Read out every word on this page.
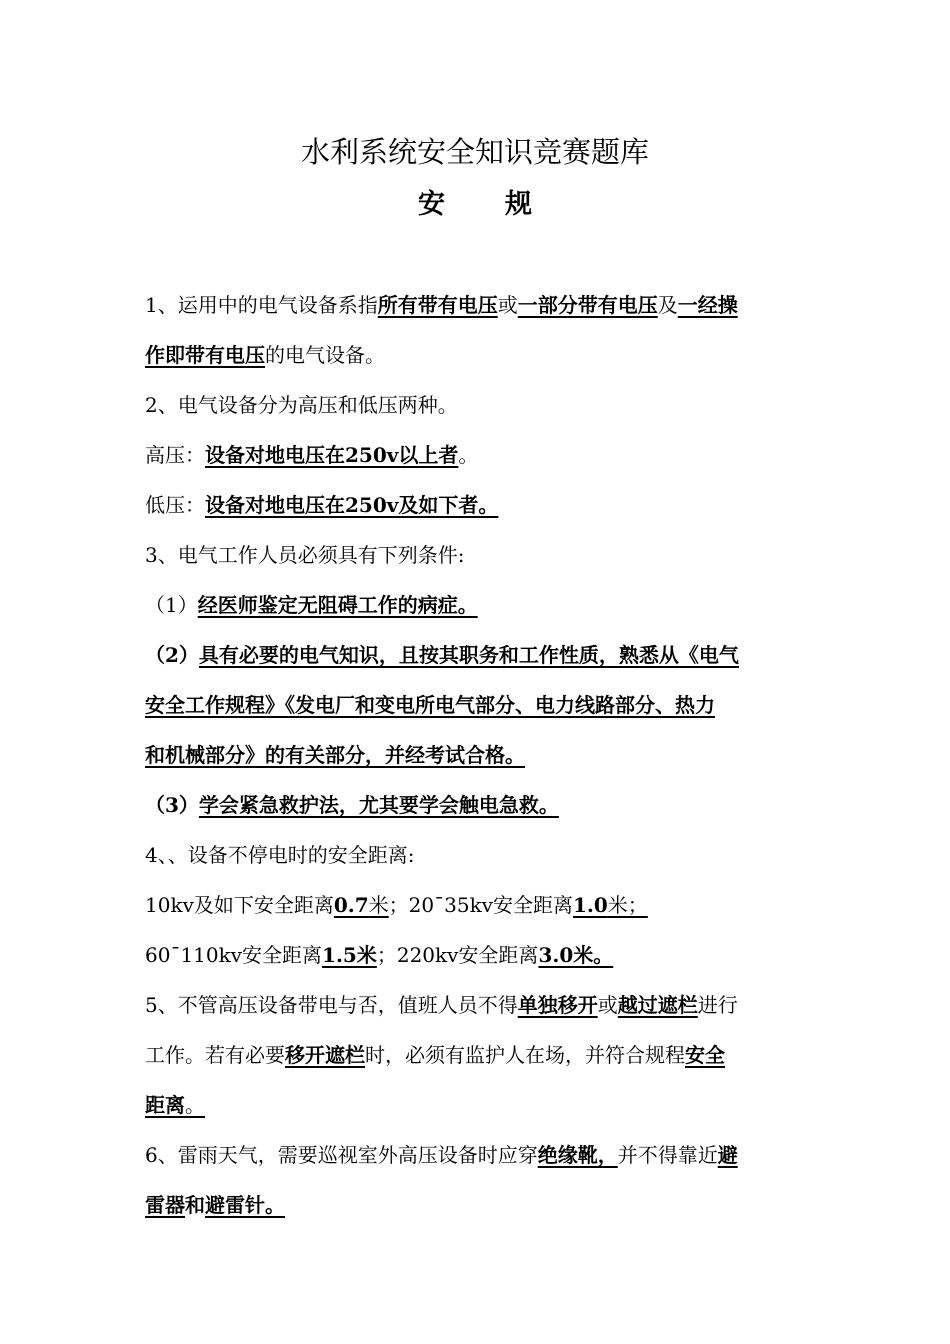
水利系统安全知识竞赛题库
安规
1、运用中的电气设备系指所有带有电压或一部分带有电压及一经操
作即带有电压的电气设备。
2、电气设备分为高压和低压两种。
高压：设备对地电压在250v以上者。
低压：设备对地电压在250v及如下者。
3、电气工作人员必须具有下列条件:
（1）经医师鉴定无阻碍工作的病症。
（2）具有必要的电气知识，且按其职务和工作性质，熟悉从《电气
安全工作规程》《发电厂和变电所电气部分、电力线路部分、热力
和机械部分》的有关部分，并经考试合格。
（3）学会紧急救护法，尤其要学会触电急救。
4、、设备不停电时的安全距离:
10kv及如下安全距离0.7米；20¯35kv安全距离1.0米；
60¯110kv安全距离1.5米；220kv安全距离3.0米。
5、不管高压设备带电与否，值班人员不得单独移开或越过遮栏进行
工作。若有必要移开遮栏时，必须有监护人在场，并符合规程安全
距离。
6、雷雨天气，需要巡视室外高压设备时应穿绝缘靴，并不得靠近避
雷器和避雷针。
